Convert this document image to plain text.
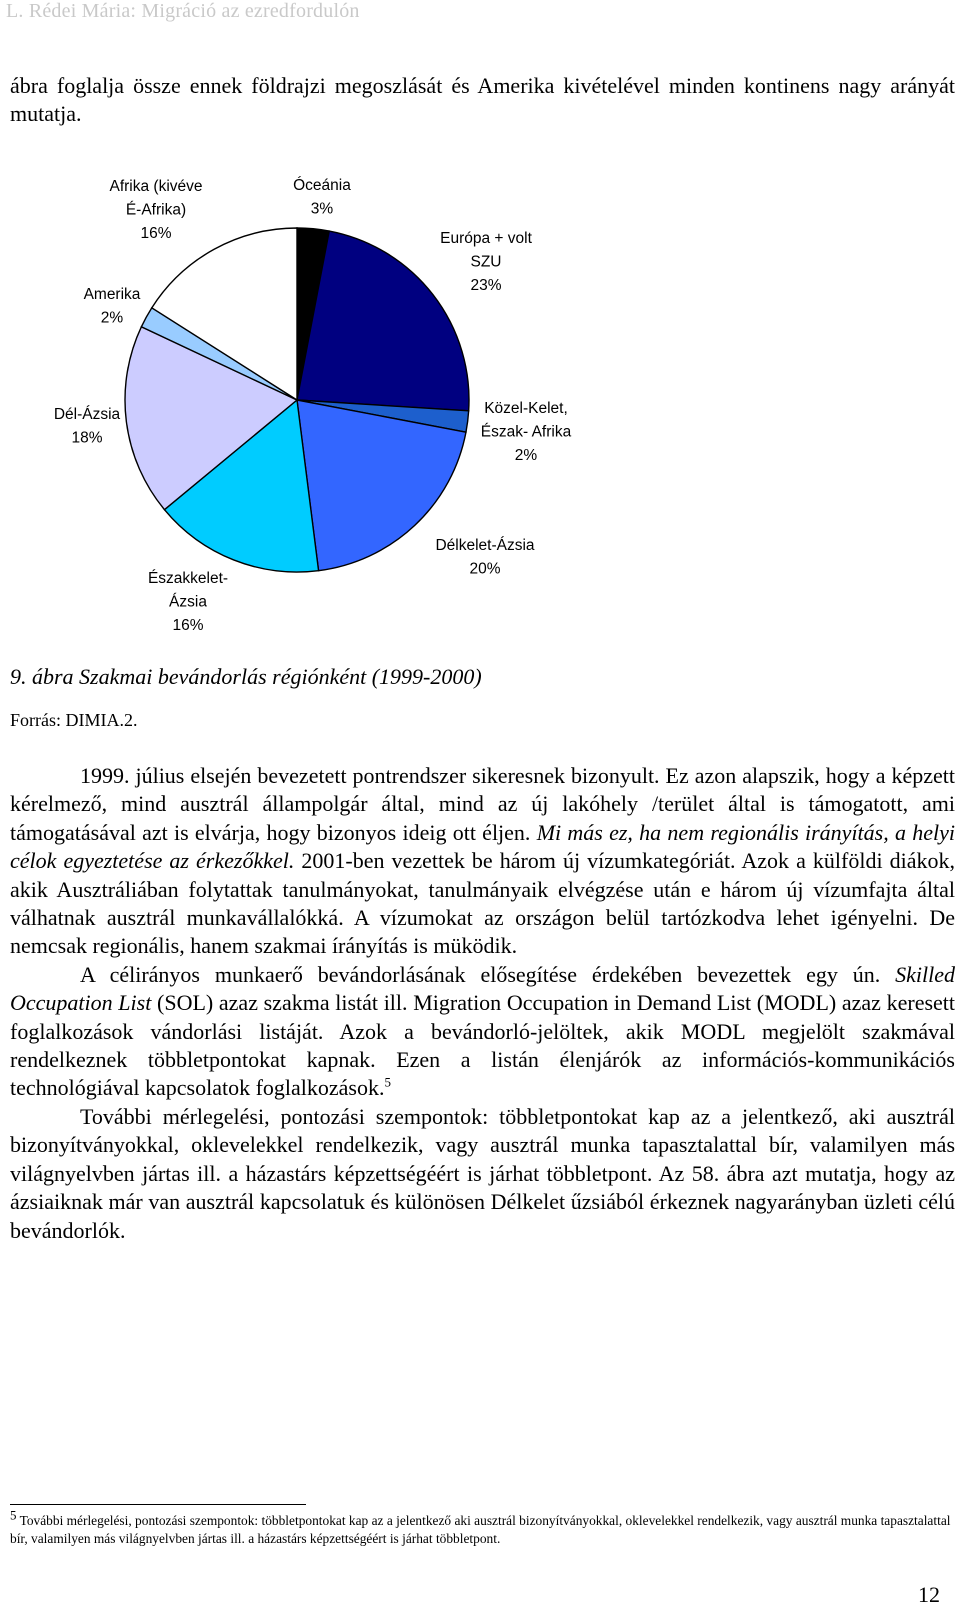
L. Rédei Mária: Migráció az ezredfordulón

ábra foglalja össze ennek földrajzi megoszlását és Amerika kivételével minden kontinens nagy arányát mutatja.

Óceánia 3%
Európa + volt SZU 23%
Közel-Kelet, Észak- Afrika 2%
Délkelet-Ázsia 20%
Északkelet-Ázsia 16%
Dél-Ázsia 18%
Amerika 2%
Afrika (kivéve É-Afrika) 16%
9. ábra Szakmai bevándorlás régiónként (1999-2000)
Forrás: DIMIA.2.

1999. július elsején bevezetett pontrendszer sikeresnek bizonyult. Ez azon alapszik, hogy a képzett kérelmező, mind ausztrál állampolgár által, mind az új lakóhely /terület által is támogatott, ami támogatásával azt is elvárja, hogy bizonyos ideig ott éljen. Mi más ez, ha nem regionális irányítás, a helyi célok egyeztetése az érkezőkkel. 2001-ben vezettek be három új vízumkategóriát. Azok a külföldi diákok, akik Ausztráliában folytattak tanulmányokat, tanulmányaik elvégzése után e három új vízumfajta által válhatnak ausztrál munkavállalókká. A vízumokat az országon belül tartózkodva lehet igényelni. De nemcsak regionális, hanem szakmai írányítás is müködik.

A célirányos munkaerő bevándorlásának elősegítése érdekében bevezettek egy ún. Skilled Occupation List (SOL) azaz szakma listát ill. Migration Occupation in Demand List (MODL) azaz keresett foglalkozások vándorlási listáját. Azok a bevándorló-jelöltek, akik MODL megjelölt szakmával rendelkeznek többletpontokat kapnak. Ezen a listán élenjárók az információs-kommunikációs technológiával kapcsolatok foglalkozások.$^5$

További mérlegelési, pontozási szempontok: többletpontokat kap az a jelentkező, aki ausztrál bizonyítványokkal, oklevelekkel rendelkezik, vagy ausztrál munka tapasztalattal bír, valamilyen más világnyelvben jártas ill. a házastárs képzettségéért is járhat többletpont. Az 58. ábra azt mutatja, hogy az ázsiaiknak már van ausztrál kapcsolatuk és különösen Délkelet űzsiából érkeznek nagyarányban üzleti célú bevándorlók.

$^5$ További mérlegelési, pontozási szempontok: többletpontokat kap az a jelentkező aki ausztrál bizonyítványokkal, oklevelekkel rendelkezik, vagy ausztrál munka tapasztalattal bír, valamilyen más világnyelvben jártas ill. a házastárs képzettségéért is járhat többletpont.

12
